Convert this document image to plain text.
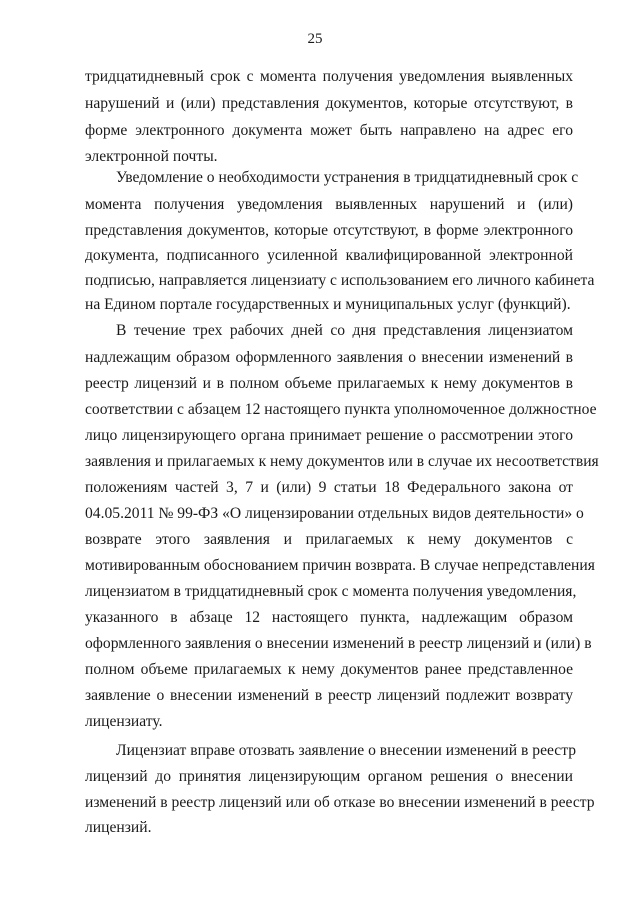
25
тридцатидневный срок с момента получения уведомления выявленных
нарушений и (или) представления документов, которые отсутствуют, в
форме электронного документа может быть направлено на адрес его
электронной почты.
Уведомление о необходимости устранения в тридцатидневный срок с
момента получения уведомления выявленных нарушений и (или)
представления документов, которые отсутствуют, в форме электронного
документа, подписанного усиленной квалифицированной электронной
подписью, направляется лицензиату с использованием его личного кабинета
на Едином портале государственных и муниципальных услуг (функций).
В течение трех рабочих дней со дня представления лицензиатом
надлежащим образом оформленного заявления о внесении изменений в
реестр лицензий и в полном объеме прилагаемых к нему документов в
соответствии с абзацем 12 настоящего пункта уполномоченное должностное
лицо лицензирующего органа принимает решение о рассмотрении этого
заявления и прилагаемых к нему документов или в случае их несоответствия
положениям частей 3, 7 и (или) 9 статьи 18 Федерального закона от
04.05.2011 № 99-ФЗ «О лицензировании отдельных видов деятельности» о
возврате этого заявления и прилагаемых к нему документов с
мотивированным обоснованием причин возврата. В случае непредставления
лицензиатом в тридцатидневный срок с момента получения уведомления,
указанного в абзаце 12 настоящего пункта, надлежащим образом
оформленного заявления о внесении изменений в реестр лицензий и (или) в
полном объеме прилагаемых к нему документов ранее представленное
заявление о внесении изменений в реестр лицензий подлежит возврату
лицензиату.
Лицензиат вправе отозвать заявление о внесении изменений в реестр
лицензий до принятия лицензирующим органом решения о внесении
изменений в реестр лицензий или об отказе во внесении изменений в реестр
лицензий.
